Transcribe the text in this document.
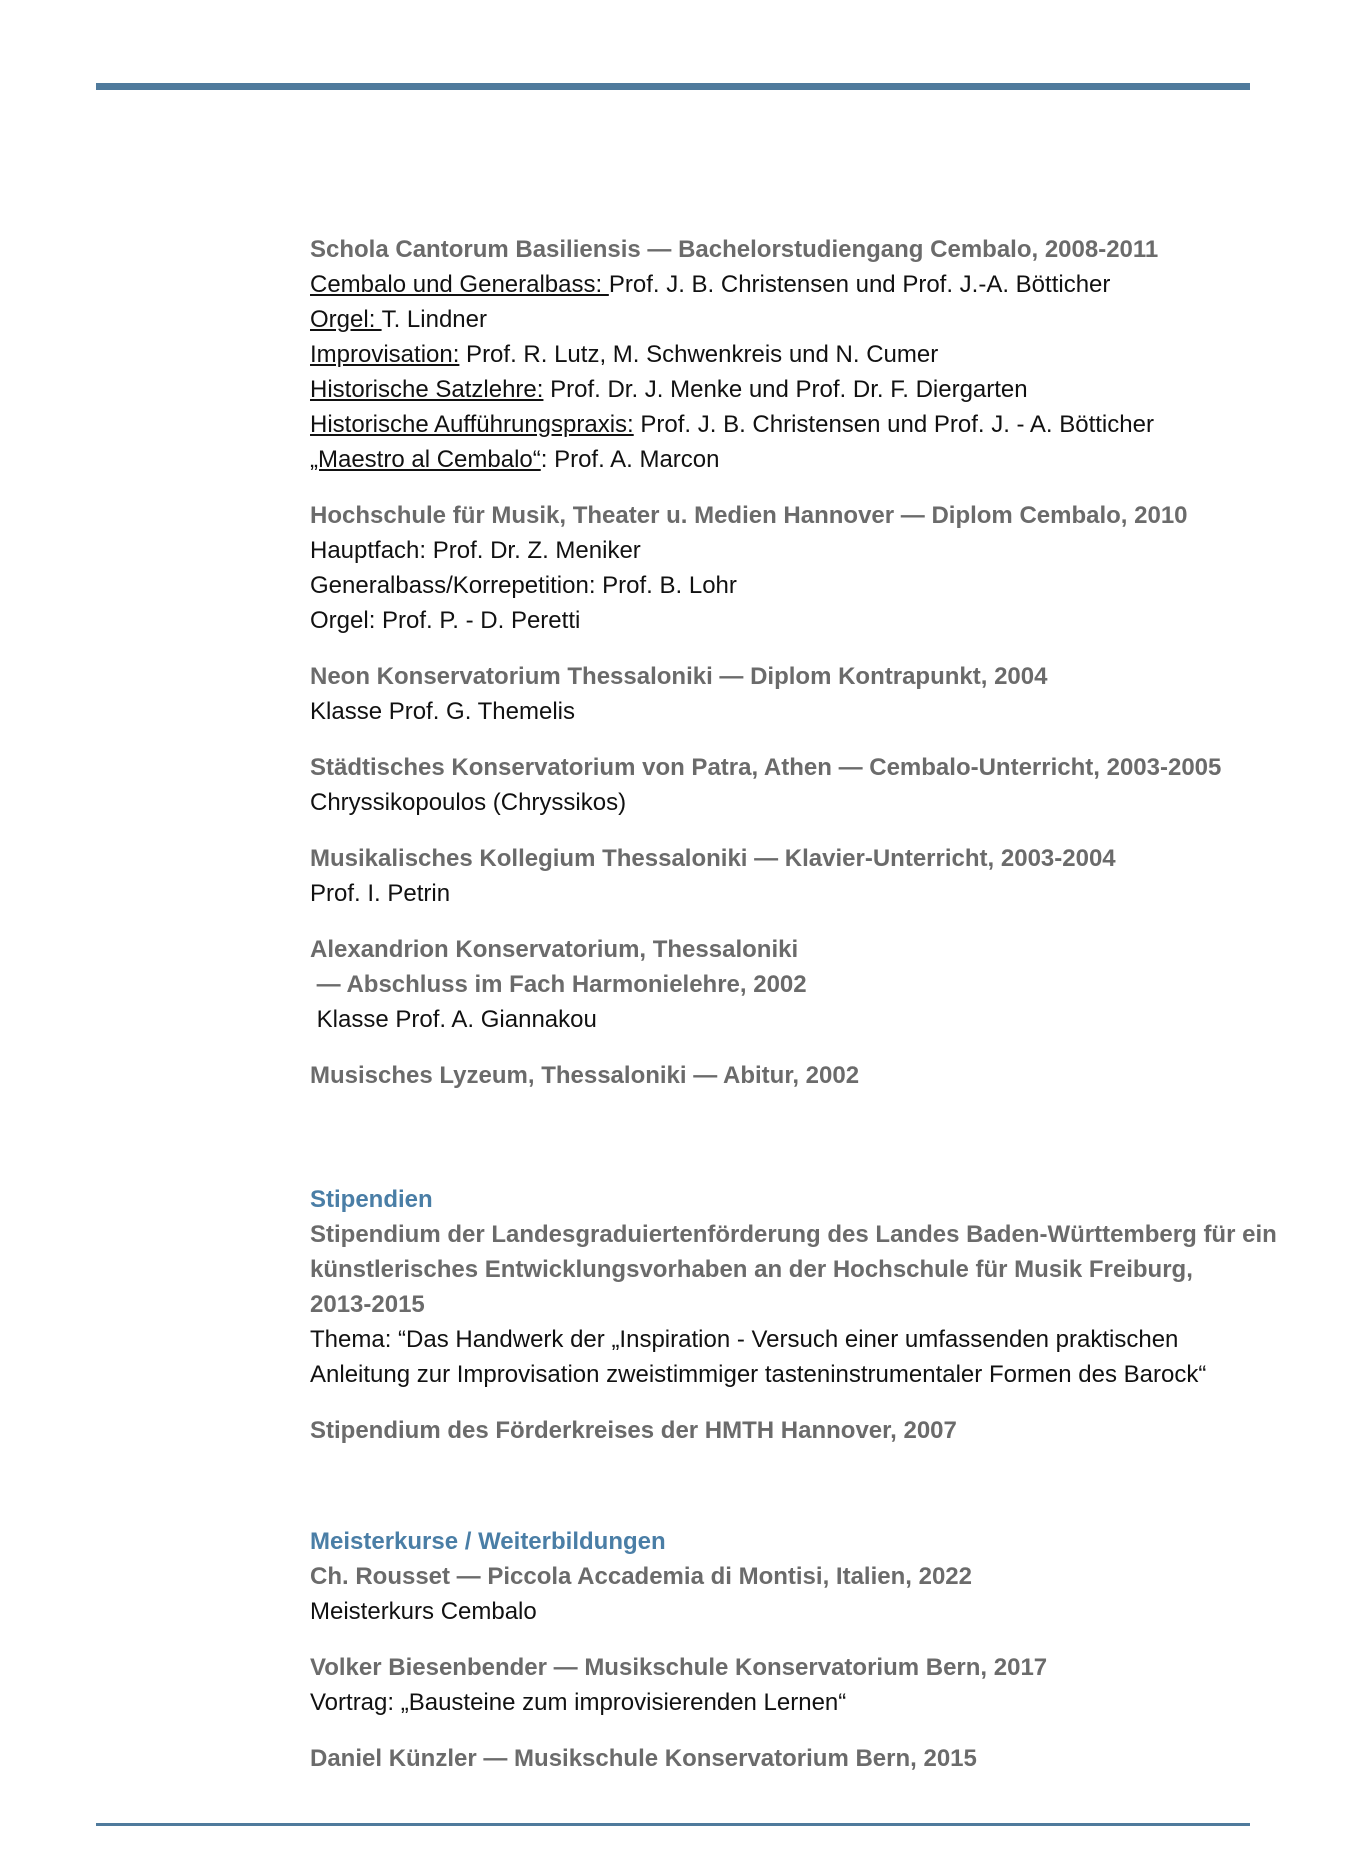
Schola Cantorum Basiliensis — Bachelorstudiengang Cembalo, 2008-2011

Cembalo und Generalbass: Prof. J. B. Christensen und Prof. J.-A. Bötticher

Orgel: T. Lindner

Improvisation: Prof. R. Lutz, M. Schwenkreis und N. Cumer

Historische Satzlehre: Prof. Dr. J. Menke und Prof. Dr. F. Diergarten

Historische Aufführungspraxis: Prof. J. B. Christensen und Prof. J. - A. Bötticher

„Maestro al Cembalo“: Prof. A. Marcon

Hochschule für Musik, Theater u. Medien Hannover — Diplom Cembalo, 2010

Hauptfach: Prof. Dr. Z. Meniker

Generalbass/Korrepetition: Prof. B. Lohr

Orgel: Prof. P. - D. Peretti

Neon Konservatorium Thessaloniki — Diplom Kontrapunkt, 2004

Klasse Prof. G. Themelis

Städtisches Konservatorium von Patra, Athen — Cembalo-Unterricht, 2003-2005

Chryssikopoulos (Chryssikos)

Musikalisches Kollegium Thessaloniki — Klavier-Unterricht, 2003-2004

Prof. I. Petrin

Alexandrion Konservatorium, Thessaloniki

— Abschluss im Fach Harmonielehre, 2002

Klasse Prof. A. Giannakou

Musisches Lyzeum, Thessaloniki — Abitur, 2002

Stipendien

Stipendium der Landesgraduiertenförderung des Landes Baden-Württemberg für ein

künstlerisches Entwicklungsvorhaben an der Hochschule für Musik Freiburg,

2013-2015

Thema: “Das Handwerk der „Inspiration - Versuch einer umfassenden praktischen

Anleitung zur Improvisation zweistimmiger tasteninstrumentaler Formen des Barock“

Stipendium des Förderkreises der HMTH Hannover, 2007

Meisterkurse / Weiterbildungen

Ch. Rousset — Piccola Accademia di Montisi, Italien, 2022

Meisterkurs Cembalo

Volker Biesenbender — Musikschule Konservatorium Bern, 2017

Vortrag: „Bausteine zum improvisierenden Lernen“

Daniel Künzler — Musikschule Konservatorium Bern, 2015
